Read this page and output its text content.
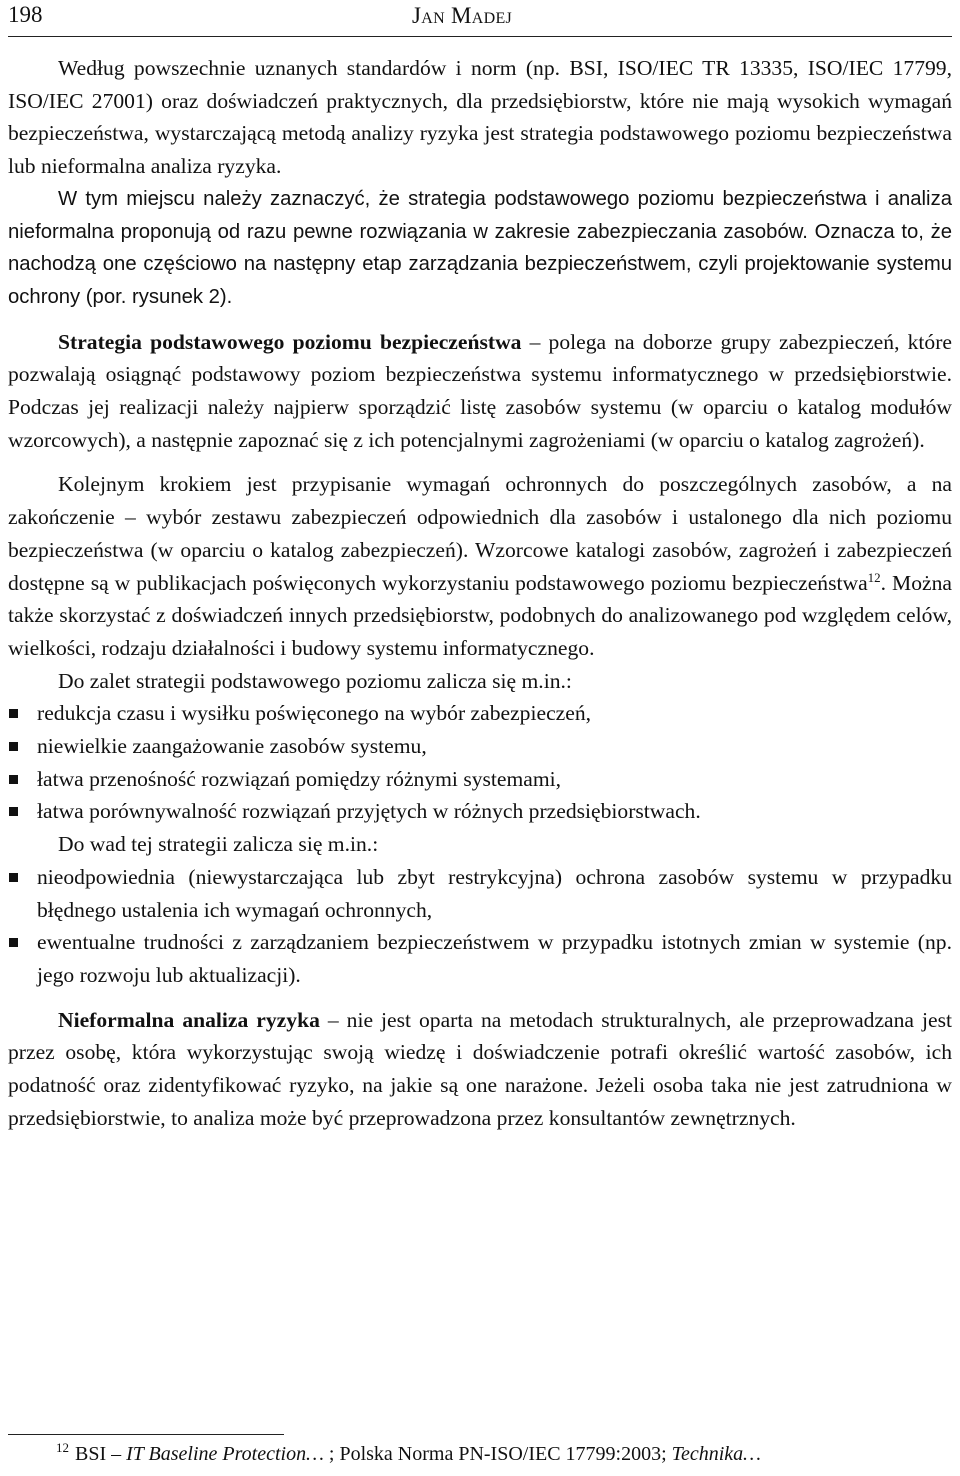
198	Jan Madej

Według powszechnie uznanych standardów i norm (np. BSI, ISO/IEC TR 13335, ISO/IEC 17799, ISO/IEC 27001) oraz doświadczeń praktycznych, dla przedsiębiorstw, które nie mają wysokich wymagań bezpieczeństwa, wystarczającą metodą analizy ryzyka jest strategia podstawowego poziomu bezpieczeństwa lub nieformalna analiza ryzyka.

W tym miejscu należy zaznaczyć, że strategia podstawowego poziomu bezpieczeństwa i analiza nieformalna proponują od razu pewne rozwiązania w zakresie zabezpieczania zasobów. Oznacza to, że nachodzą one częściowo na następny etap zarządzania bezpieczeństwem, czyli projektowanie systemu ochrony (por. rysunek 2).

Strategia podstawowego poziomu bezpieczeństwa – polega na doborze grupy zabezpieczeń, które pozwalają osiągnąć podstawowy poziom bezpieczeństwa systemu informatycznego w przedsiębiorstwie. Podczas jej realizacji należy najpierw sporządzić listę zasobów systemu (w oparciu o katalog modułów wzorcowych), a następnie zapoznać się z ich potencjalnymi zagrożeniami (w oparciu o katalog zagrożeń).

Kolejnym krokiem jest przypisanie wymagań ochronnych do poszczególnych zasobów, a na zakończenie – wybór zestawu zabezpieczeń odpowiednich dla zasobów i ustalonego dla nich poziomu bezpieczeństwa (w oparciu o katalog zabezpieczeń). Wzorcowe katalogi zasobów, zagrożeń i zabezpieczeń dostępne są w publikacjach poświęconych wykorzystaniu podstawowego poziomu bezpieczeństwa$^{12}$. Można także skorzystać z doświadczeń innych przedsiębiorstw, podobnych do analizowanego pod względem celów, wielkości, rodzaju działalności i budowy systemu informatycznego.

Do zalet strategii podstawowego poziomu zalicza się m.in.:

redukcja czasu i wysiłku poświęconego na wybór zabezpieczeń,
niewielkie zaangażowanie zasobów systemu,
łatwa przenośność rozwiązań pomiędzy różnymi systemami,
łatwa porównywalność rozwiązań przyjętych w różnych przedsiębiorstwach.

Do wad tej strategii zalicza się m.in.:

nieodpowiednia (niewystarczająca lub zbyt restrykcyjna) ochrona zasobów systemu w przypadku błędnego ustalenia ich wymagań ochronnych,
ewentualne trudności z zarządzaniem bezpieczeństwem w przypadku istotnych zmian w systemie (np. jego rozwoju lub aktualizacji).

Nieformalna analiza ryzyka – nie jest oparta na metodach strukturalnych, ale przeprowadzana jest przez osobę, która wykorzystując swoją wiedzę i doświadczenie potrafi określić wartość zasobów, ich podatność oraz zidentyfikować ryzyko, na jakie są one narażone. Jeżeli osoba taka nie jest zatrudniona w przedsiębiorstwie, to analiza może być przeprowadzona przez konsultantów zewnętrznych.

$^{12}$ BSI – IT Baseline Protection… ; Polska Norma PN-ISO/IEC 17799:2003; Technika…
